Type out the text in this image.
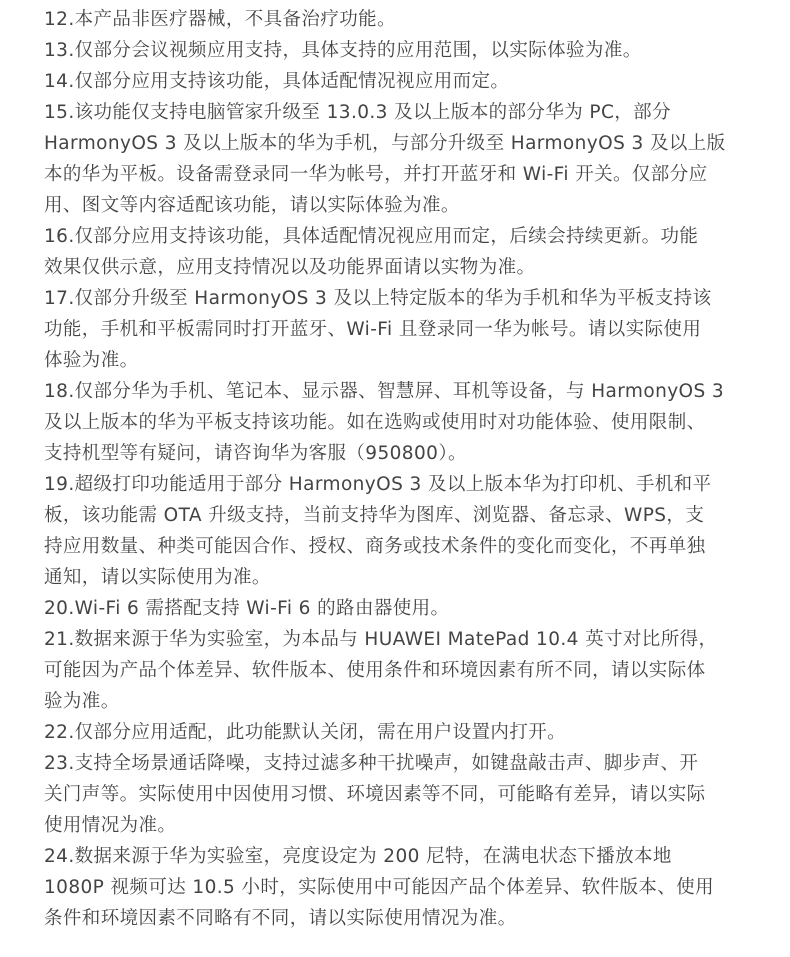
12.本产品非医疗器械，不具备治疗功能。
13.仅部分会议视频应用支持，具体支持的应用范围，以实际体验为准。
14.仅部分应用支持该功能，具体适配情况视应用而定。
15.该功能仅支持电脑管家升级至 13.0.3 及以上版本的部分华为 PC，部分
HarmonyOS 3 及以上版本的华为手机，与部分升级至 HarmonyOS 3 及以上版
本的华为平板。设备需登录同一华为帐号，并打开蓝牙和 Wi-Fi 开关。仅部分应
用、图文等内容适配该功能，请以实际体验为准。
16.仅部分应用支持该功能，具体适配情况视应用而定，后续会持续更新。功能
效果仅供示意，应用支持情况以及功能界面请以实物为准。
17.仅部分升级至 HarmonyOS 3 及以上特定版本的华为手机和华为平板支持该
功能，手机和平板需同时打开蓝牙、Wi-Fi 且登录同一华为帐号。请以实际使用
体验为准。
18.仅部分华为手机、笔记本、显示器、智慧屏、耳机等设备，与 HarmonyOS 3
及以上版本的华为平板支持该功能。如在选购或使用时对功能体验、使用限制、
支持机型等有疑问，请咨询华为客服（950800）。
19.超级打印功能适用于部分 HarmonyOS 3 及以上版本华为打印机、手机和平
板，该功能需 OTA 升级支持，当前支持华为图库、浏览器、备忘录、WPS，支
持应用数量、种类可能因合作、授权、商务或技术条件的变化而变化，不再单独
通知，请以实际使用为准。
20.Wi-Fi 6 需搭配支持 Wi-Fi 6 的路由器使用。
21.数据来源于华为实验室，为本品与 HUAWEI MatePad 10.4 英寸对比所得，
可能因为产品个体差异、软件版本、使用条件和环境因素有所不同，请以实际体
验为准。
22.仅部分应用适配，此功能默认关闭，需在用户设置内打开。
23.支持全场景通话降噪，支持过滤多种干扰噪声，如键盘敲击声、脚步声、开
关门声等。实际使用中因使用习惯、环境因素等不同，可能略有差异，请以实际
使用情况为准。
24.数据来源于华为实验室，亮度设定为 200 尼特，在满电状态下播放本地
1080P 视频可达 10.5 小时，实际使用中可能因产品个体差异、软件版本、使用
条件和环境因素不同略有不同，请以实际使用情况为准。
